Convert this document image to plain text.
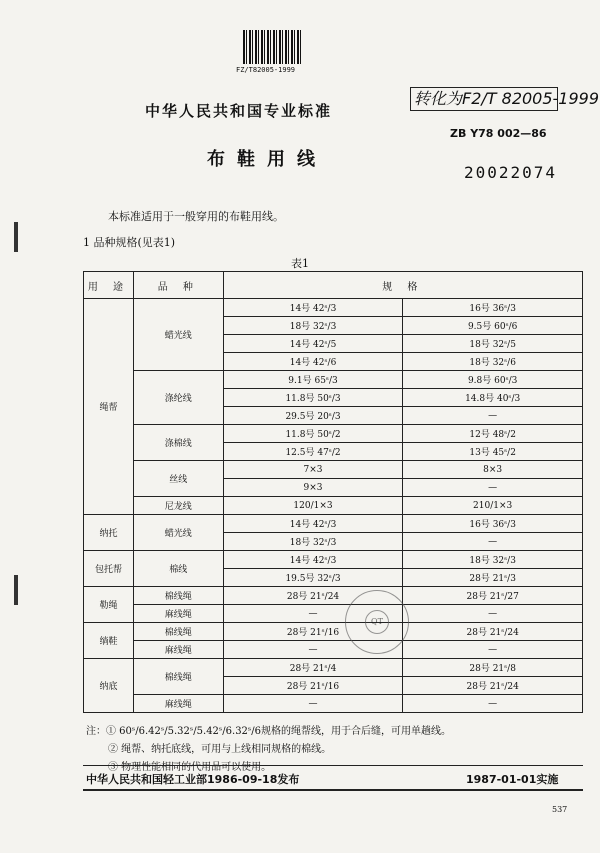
FZ/T82005-1999
中华人民共和国专业标准
转化为F2/T 82005-1999
ZB Y78 002—86
布鞋用线
20022074
本标准适用于一般穿用的布鞋用线。
1 品种规格(见表1)
表1
用 途	品 种	规 格	
绳帮	蜡光线	14号 42ˢ/3	16号 36ˢ/3
		18号 32ˢ/3	9.5号 60ˢ/6
		14号 42ˢ/5	18号 32ˢ/5
		14号 42ˢ/6	18号 32ˢ/6
	涤纶线	9.1号 65ˢ/3	9.8号 60ˢ/3
		11.8号 50ˢ/3	14.8号 40ˢ/3
		29.5号 20ˢ/3	—
	涤棉线	11.8号 50ˢ/2	12号 48ˢ/2
		12.5号 47ˢ/2	13号 45ˢ/2
	丝线	7×3	8×3
		9×3	—
	尼龙线	120/1×3	210/1×3
纳托	蜡光线	14号 42ˢ/3	16号 36ˢ/3
		18号 32ˢ/3	—
包托帮	棉线	14号 42ˢ/3	18号 32ˢ/3
		19.5号 32ˢ/3	28号 21ˢ/3
勒绳	棉线绳	28号 21ˢ/24	28号 21ˢ/27
	麻线绳	—	—
绱鞋	棉线绳	28号 21ˢ/16	28号 21ˢ/24
	麻线绳	—	—
纳底	棉线绳	28号 21ˢ/4	28号 21ˢ/8
		28号 21ˢ/16	28号 21ˢ/24
	麻线绳	—	—
QT
注：① 60ˢ/6.42ˢ/5.32ˢ/5.42ˢ/6.32ˢ/6规格的绳帮线，用于合后缝，可用单趟线。
② 绳帮、纳托底线，可用与上线相同规格的棉线。
③ 物理性能相同的代用品可以使用。
中华人民共和国轻工业部1986-09-18发布	1987-01-01实施
537
